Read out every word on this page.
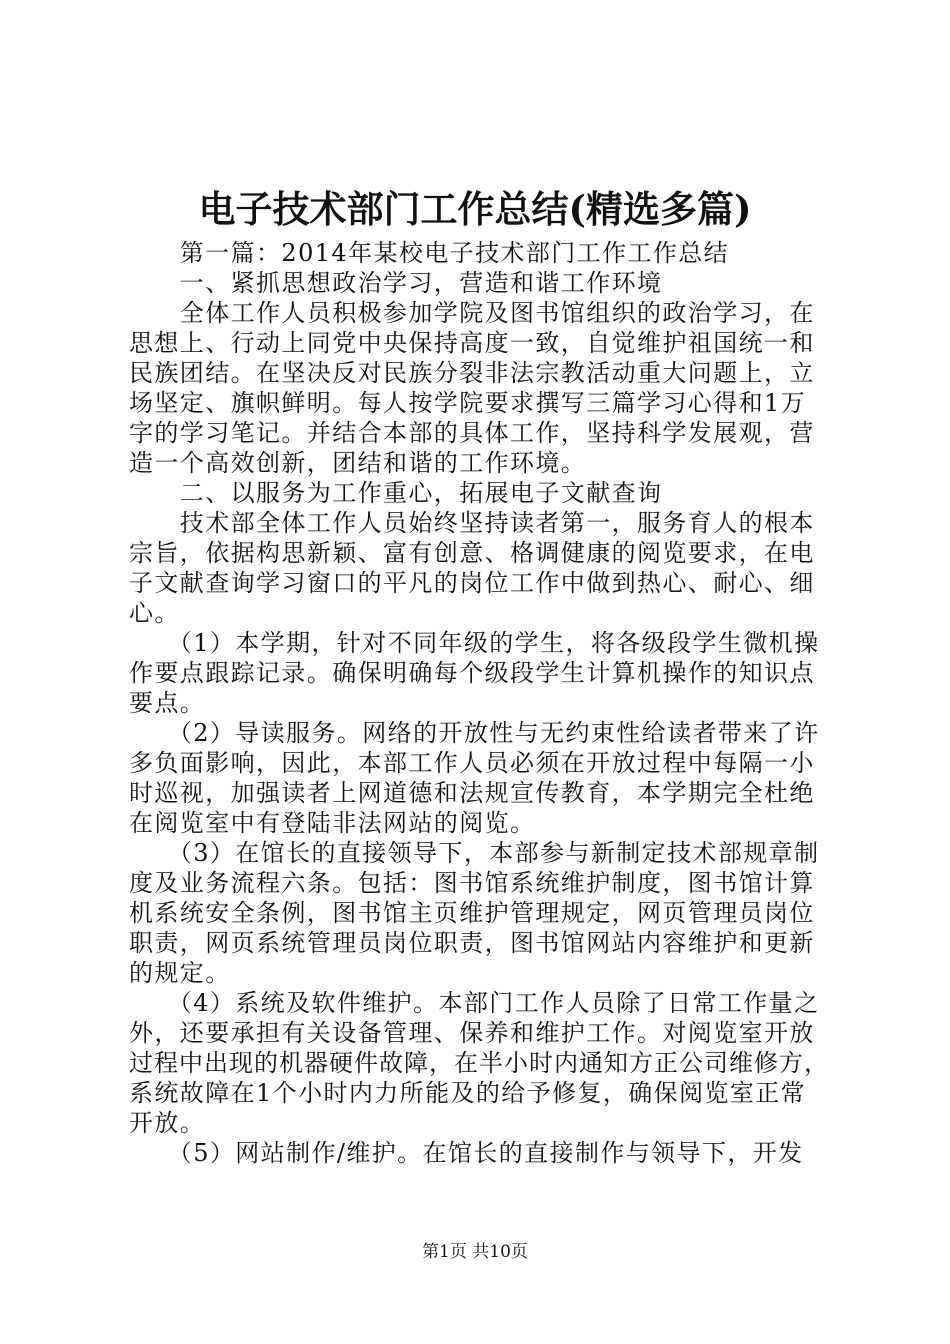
电子技术部门工作总结(精选多篇)
　　第一篇：2014年某校电子技术部门工作工作总结
　　一、紧抓思想政治学习，营造和谐工作环境
　　全体工作人员积极参加学院及图书馆组织的政治学习，在
思想上、行动上同党中央保持高度一致，自觉维护祖国统一和
民族团结。在坚决反对民族分裂非法宗教活动重大问题上，立
场坚定、旗帜鲜明。每人按学院要求撰写三篇学习心得和1万
字的学习笔记。并结合本部的具体工作，坚持科学发展观，营
造一个高效创新，团结和谐的工作环境。
　　二、以服务为工作重心，拓展电子文献查询
　　技术部全体工作人员始终坚持读者第一，服务育人的根本
宗旨，依据构思新颖、富有创意、格调健康的阅览要求，在电
子文献查询学习窗口的平凡的岗位工作中做到热心、耐心、细
心。
　　（1）本学期，针对不同年级的学生，将各级段学生微机操
作要点跟踪记录。确保明确每个级段学生计算机操作的知识点
要点。
　　（2）导读服务。网络的开放性与无约束性给读者带来了许
多负面影响，因此，本部工作人员必须在开放过程中每隔一小
时巡视，加强读者上网道德和法规宣传教育，本学期完全杜绝
在阅览室中有登陆非法网站的阅览。
　　（3）在馆长的直接领导下，本部参与新制定技术部规章制
度及业务流程六条。包括：图书馆系统维护制度，图书馆计算
机系统安全条例，图书馆主页维护管理规定，网页管理员岗位
职责，网页系统管理员岗位职责，图书馆网站内容维护和更新
的规定。
　　（4）系统及软件维护。本部门工作人员除了日常工作量之
外，还要承担有关设备管理、保养和维护工作。对阅览室开放
过程中出现的机器硬件故障，在半小时内通知方正公司维修方，
系统故障在1个小时内力所能及的给予修复，确保阅览室正常
开放。
　　（5）网站制作/维护。在馆长的直接制作与领导下，开发
第1页 共10页
